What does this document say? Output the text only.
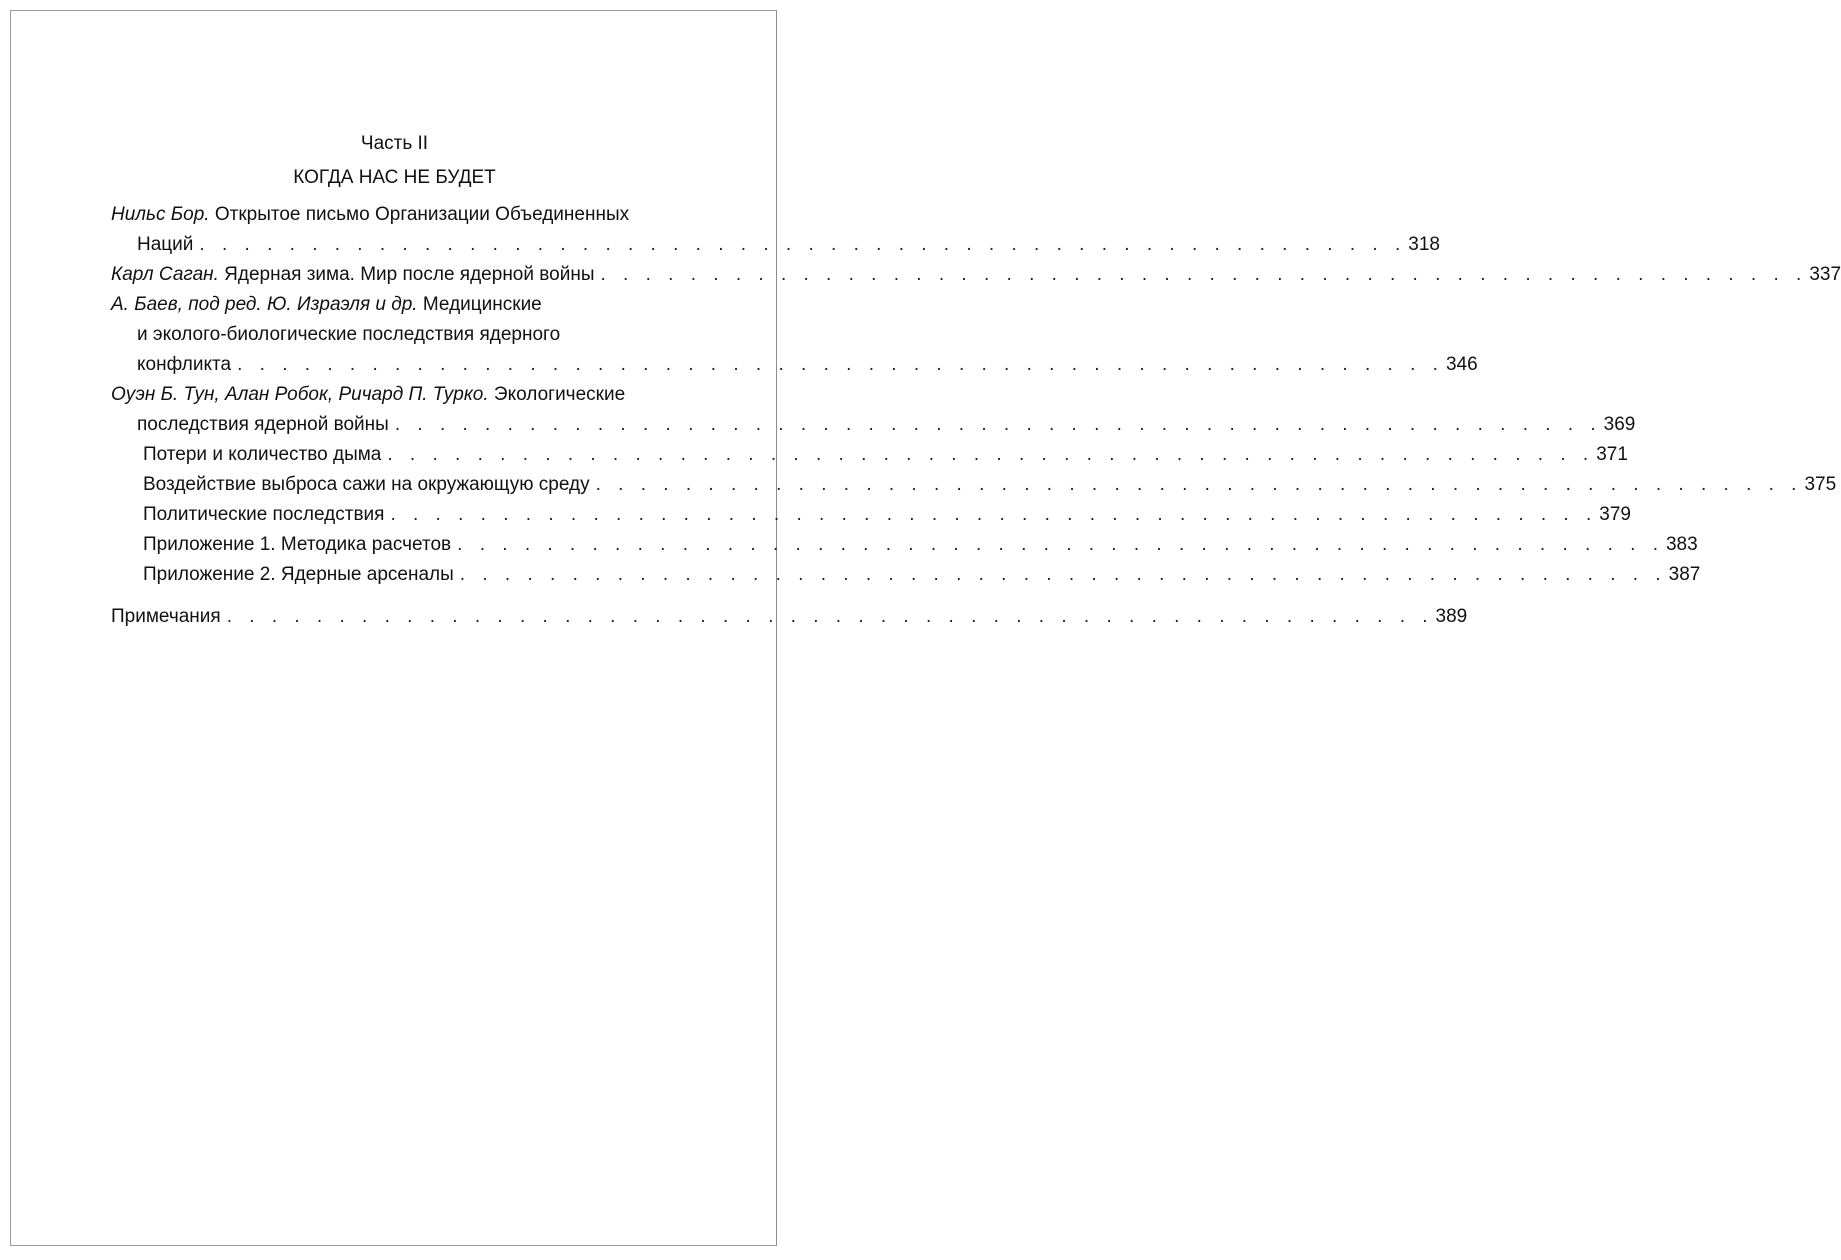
Часть II
КОГДА НАС НЕ БУДЕТ
Нильс Бор. Открытое письмо Организации Объединенных
Наций . . . . . . . . . . . . . . . . . . . . . . . . . . . . . . . . . . . . . . . . . . . . . . . . . . . . . . 318
Карл Саган. Ядерная зима. Мир после ядерной войны . . . . . . . . . . . . . . . . . . . . . . . . . . . . . . . . . . . . . . . . . . . . . . . . . . . . . . 337
А. Баев, под ред. Ю. Израэля и др. Медицинские
и эколого-биологические последствия ядерного
конфликта . . . . . . . . . . . . . . . . . . . . . . . . . . . . . . . . . . . . . . . . . . . . . . . . . . . . . . 346
Оуэн Б. Тун, Алан Робок, Ричард П. Турко. Экологические
последствия ядерной войны . . . . . . . . . . . . . . . . . . . . . . . . . . . . . . . . . . . . . . . . . . . . . . . . . . . . . . 369
Потери и количество дыма . . . . . . . . . . . . . . . . . . . . . . . . . . . . . . . . . . . . . . . . . . . . . . . . . . . . . . 371
Воздействие выброса сажи на окружающую среду . . . . . . . . . . . . . . . . . . . . . . . . . . . . . . . . . . . . . . . . . . . . . . . . . . . . . . 375
Политические последствия . . . . . . . . . . . . . . . . . . . . . . . . . . . . . . . . . . . . . . . . . . . . . . . . . . . . . . 379
Приложение 1. Методика расчетов . . . . . . . . . . . . . . . . . . . . . . . . . . . . . . . . . . . . . . . . . . . . . . . . . . . . . . 383
Приложение 2. Ядерные арсеналы . . . . . . . . . . . . . . . . . . . . . . . . . . . . . . . . . . . . . . . . . . . . . . . . . . . . . . 387
Примечания . . . . . . . . . . . . . . . . . . . . . . . . . . . . . . . . . . . . . . . . . . . . . . . . . . . . . . 389
